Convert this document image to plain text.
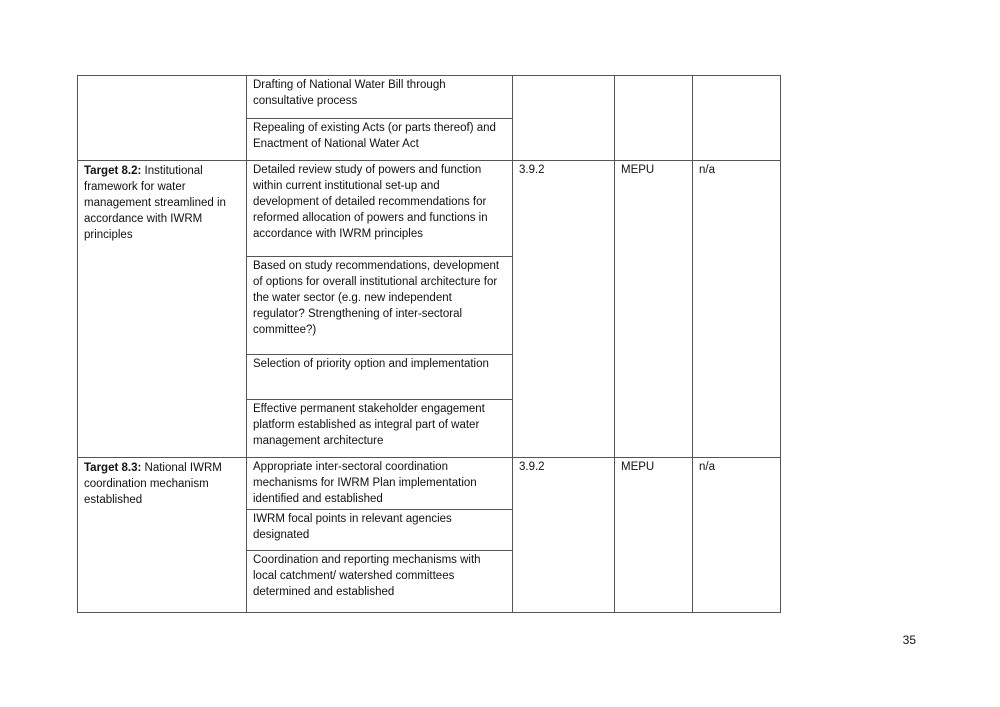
	Drafting of National Water Bill through consultative process			
	Repealing of existing Acts (or parts thereof) and Enactment of National Water Act			
Target 8.2: Institutional framework for water management streamlined in accordance with IWRM principles	Detailed review study of powers and function within current institutional set-up and development of detailed recommendations for reformed allocation of powers and functions in accordance with IWRM principles	3.9.2	MEPU	n/a
	Based on study recommendations, development of options for overall institutional architecture for the water sector (e.g. new independent regulator? Strengthening of inter-sectoral committee?)			
	Selection of priority option and implementation			
	Effective permanent stakeholder engagement platform established as integral part of water management architecture			
Target 8.3: National IWRM coordination mechanism established	Appropriate inter-sectoral coordination mechanisms for IWRM Plan implementation identified and established	3.9.2	MEPU	n/a
	IWRM focal points in relevant agencies designated			
	Coordination and reporting mechanisms with local catchment/ watershed committees determined and established			
35
